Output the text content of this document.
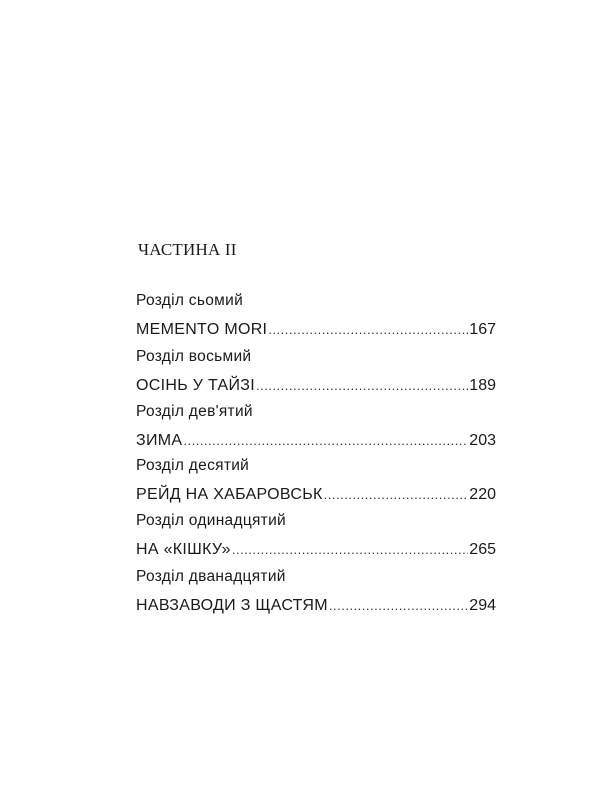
ЧАСТИНА II
Розділ сьомий
MEMENTO MORI .....	167
Розділ восьмий
ОСІНЬ У ТАЙЗІ .....	189
Розділ дев'ятий
ЗИМА .....	203
Розділ десятий
РЕЙД НА ХАБАРОВСЬК .....	220
Розділ одинадцятий
НА «КІШКУ» .....	265
Розділ дванадцятий
НАВЗАВОДИ З ЩАСТЯМ .....	294
